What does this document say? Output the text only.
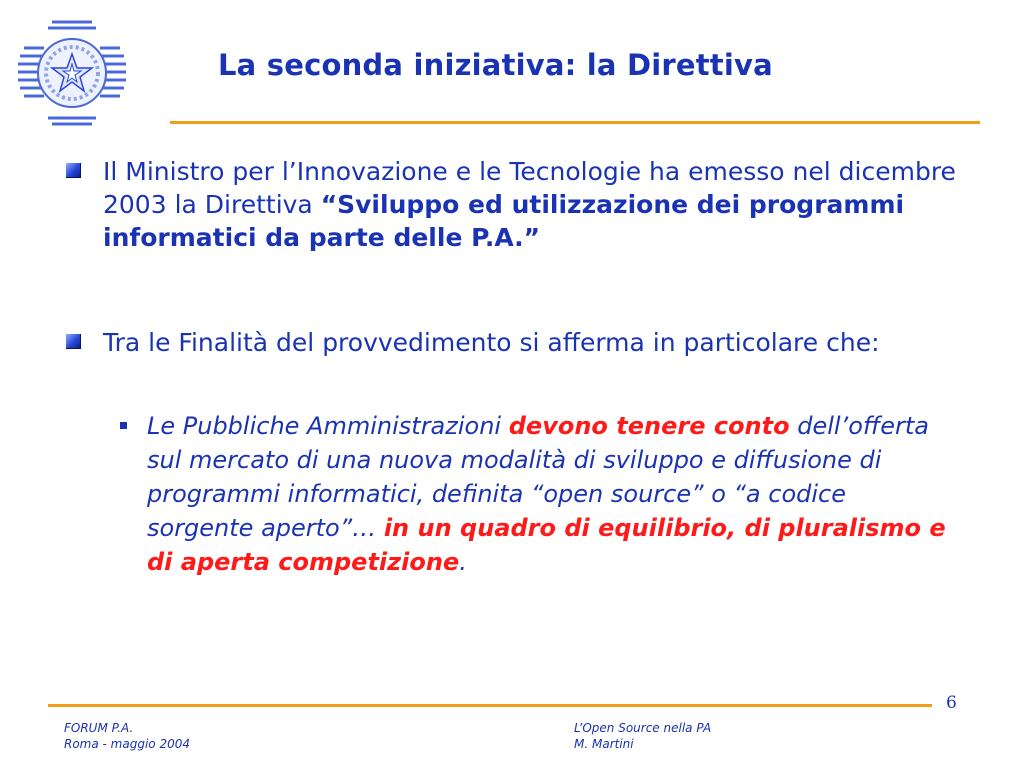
La seconda iniziativa: la Direttiva
Il Ministro per l’Innovazione e le Tecnologie ha emesso nel dicembre 2003 la Direttiva “Sviluppo ed utilizzazione dei programmi informatici da parte delle P.A.”
Tra le Finalità del provvedimento si afferma in particolare che:
Le Pubbliche Amministrazioni devono tenere conto dell’offerta sul mercato di una nuova modalità di sviluppo e diffusione di programmi informatici, definita “open source” o “a codice sorgente aperto”… in un quadro di equilibrio, di pluralismo e di aperta competizione.
6
FORUM P.A.
Roma - maggio 2004
L’Open Source nella PA
M. Martini
